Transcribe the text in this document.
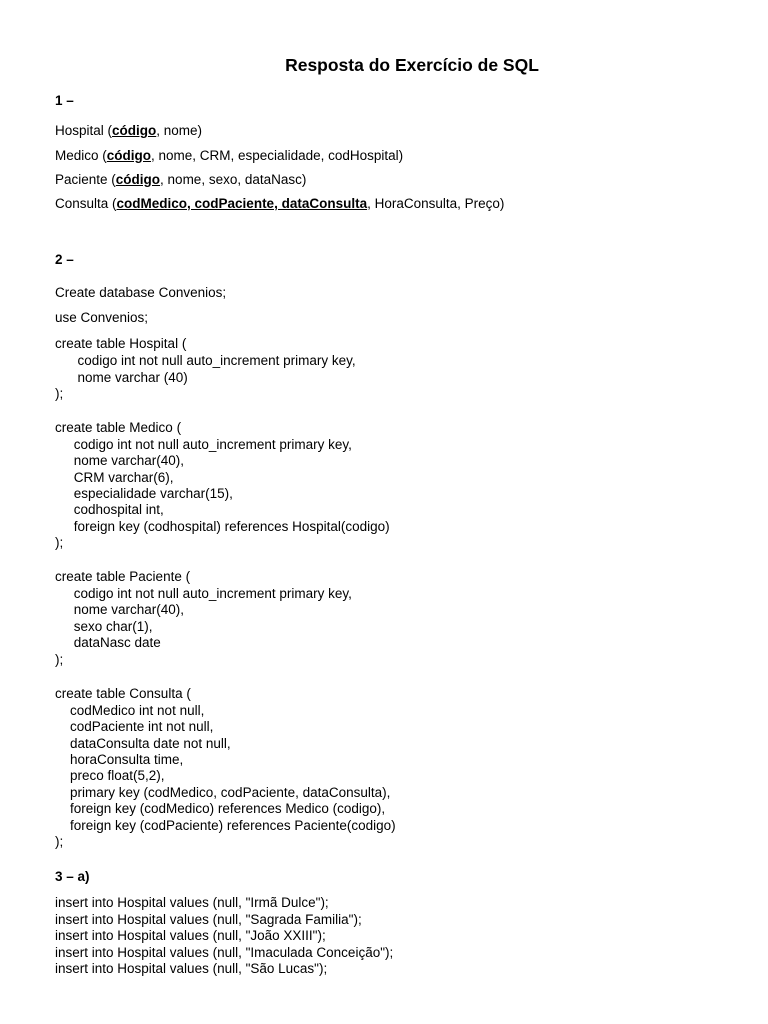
Resposta do Exercício de SQL
1 –
Hospital (código, nome)
Medico (código, nome, CRM, especialidade, codHospital)
Paciente (código, nome, sexo, dataNasc)
Consulta (codMedico, codPaciente, dataConsulta, HoraConsulta, Preço)
2 –
Create database Convenios;
use Convenios;
create table Hospital (
codigo int not null auto_increment primary key,
nome varchar (40)
);
create table Medico (
codigo int not null auto_increment primary key,
nome varchar(40),
CRM varchar(6),
especialidade varchar(15),
codhospital int,
foreign key (codhospital) references Hospital(codigo)
);
create table Paciente (
codigo int not null auto_increment primary key,
nome varchar(40),
sexo char(1),
dataNasc date
);
create table Consulta (
codMedico int not null,
codPaciente int not null,
dataConsulta date not null,
horaConsulta time,
preco float(5,2),
primary key (codMedico, codPaciente, dataConsulta),
foreign key (codMedico) references Medico (codigo),
foreign key (codPaciente) references Paciente(codigo)
);
3 – a)
insert into Hospital values (null, "Irmã Dulce");
insert into Hospital values (null, "Sagrada Familia");
insert into Hospital values (null, "João XXIII");
insert into Hospital values (null, "Imaculada Conceição");
insert into Hospital values (null, "São Lucas");
